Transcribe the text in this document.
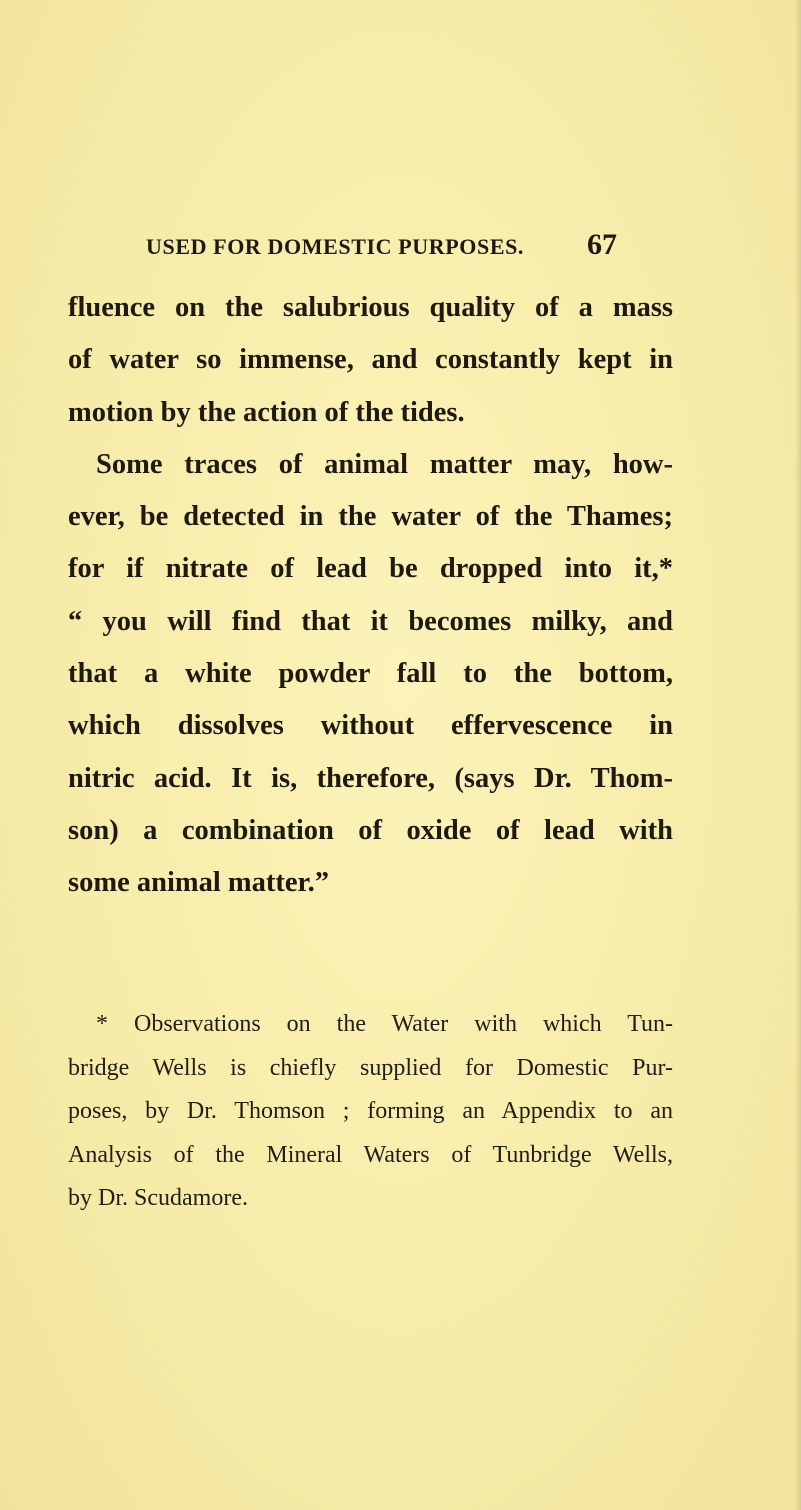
USED FOR DOMESTIC PURPOSES. 67
fluence on the salubrious quality of a mass
of water so immense, and constantly kept in
motion by the action of the tides.
Some traces of animal matter may, how-
ever, be detected in the water of the Thames;
for if nitrate of lead be dropped into it,*
“ you will find that it becomes milky, and
that a white powder fall to the bottom,
which dissolves without effervescence in
nitric acid. It is, therefore, (says Dr. Thom-
son) a combination of oxide of lead with
some animal matter.”
* Observations on the Water with which Tun-
bridge Wells is chiefly supplied for Domestic Pur-
poses, by Dr. Thomson ; forming an Appendix to an
Analysis of the Mineral Waters of Tunbridge Wells,
by Dr. Scudamore.
